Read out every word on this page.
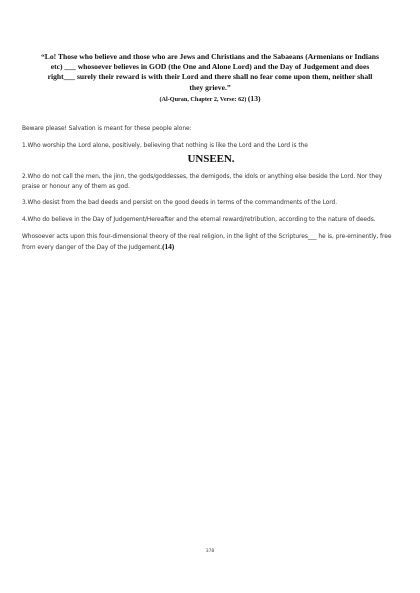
“Lo! Those who believe and those who are Jews and Christians and the Sabaeans (Armenians or Indians etc) ___ whosoever believes in GOD (the One and Alone Lord) and the Day of Judgement and does right___ surely their reward is with their Lord and there shall no fear come upon them, neither shall they grieve.”
(Al-Quran, Chapter 2, Verse: 62) (13)

Beware please! Salvation is meant for these people alone:

1.Who worship the Lord alone, positively, believing that nothing is like the Lord and the Lord is the
UNSEEN.

2.Who do not call the men, the jinn, the gods/goddesses, the demigods, the idols or anything else beside the Lord. Nor they praise or honour any of them as god.

3.Who desist from the bad deeds and persist on the good deeds in terms of the commandments of the Lord.

4.Who do believe in the Day of Judgement/Hereafter and the eternal reward/retribution, according to the nature of deeds.

Whosoever acts upon this four-dimensional theory of the real religion, in the light of the Scriptures___ he is, pre-eminently, free from every danger of the Day of the Judgement.(14)

378
